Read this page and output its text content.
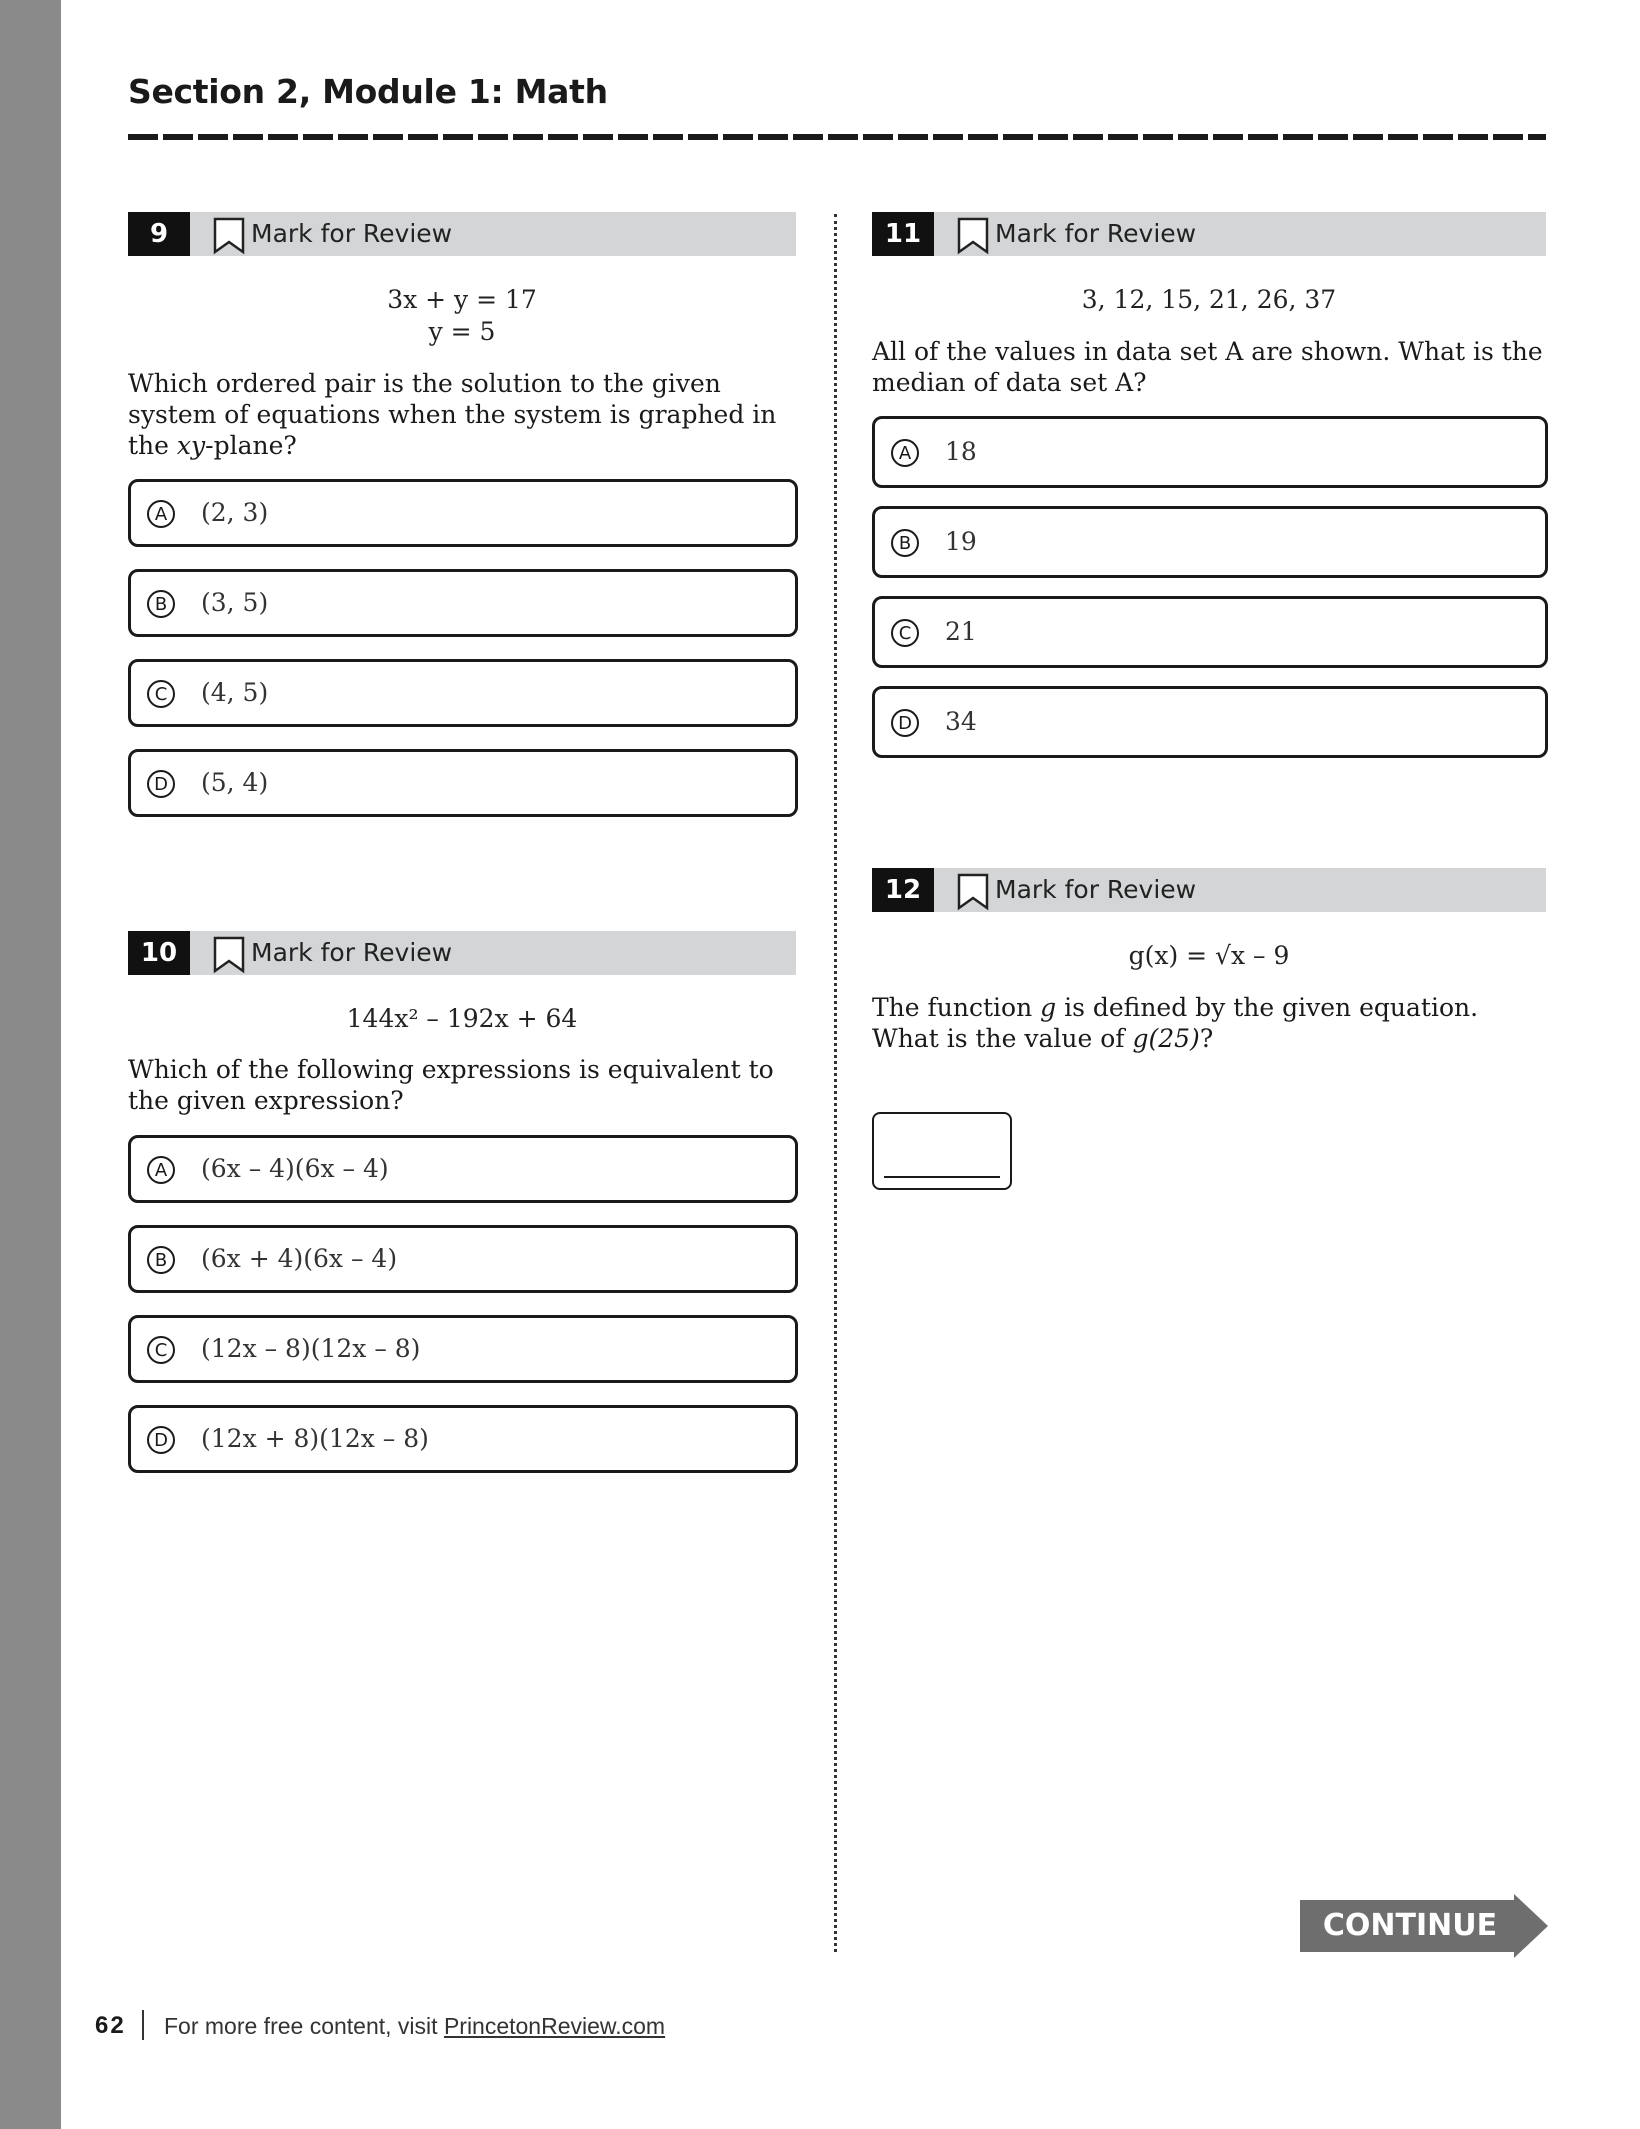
Section 2, Module 1: Math
9	Mark for Review
3x + y = 17
y = 5

Which ordered pair is the solution to the given system of equations when the system is graphed in the xy-plane?

A	(2, 3)
B	(3, 5)
C	(4, 5)
D (5, 4)
10	Mark for Review
144x² – 192x + 64

Which of the following expressions is equivalent to the given expression?

A	(6x – 4)(6x – 4)
B	(6x + 4)(6x – 4)
C	(12x – 8)(12x – 8)
D (12x + 8)(12x – 8)
11	Mark for Review
3, 12, 15, 21, 26, 37

All of the values in data set A are shown. What is the median of data set A?

A	18
B	19
C	21
D 34
12	Mark for Review
g(x) = √x – 9

The function g is defined by the given equation. What is the value of g(25)?

CONTINUE
62 For more free content, visit PrincetonReview.com
